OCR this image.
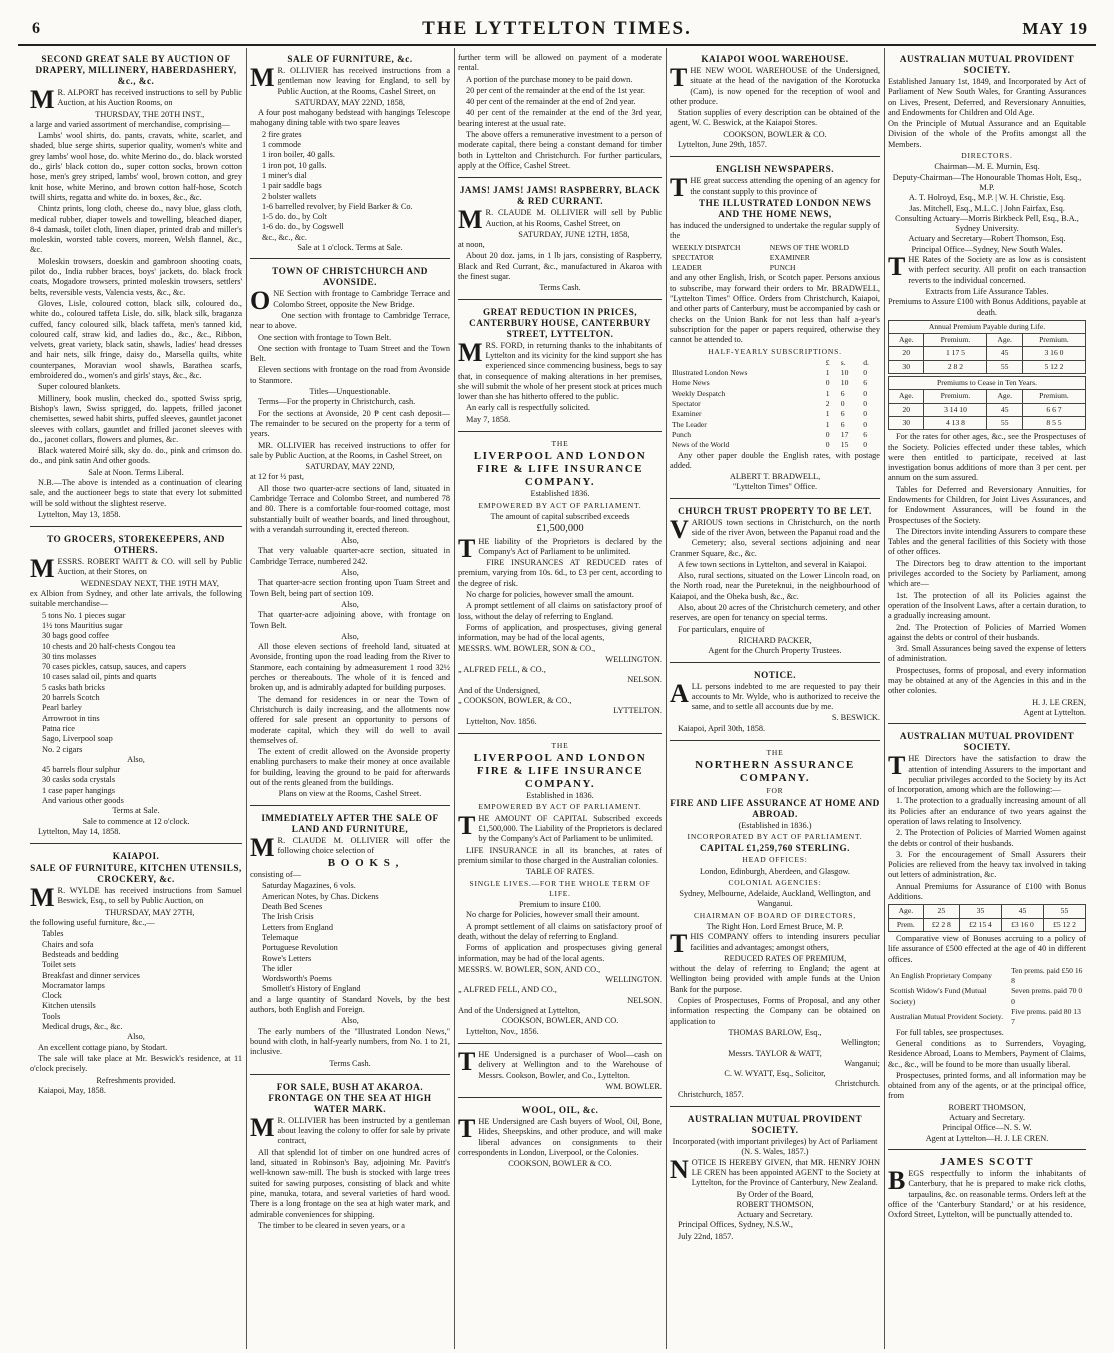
6	THE LYTTELTON TIMES.	MAY 19
SECOND GREAT SALE BY AUCTION OF DRAPERY, MILLINERY, HABERDASHERY, &c., &c.

M R. ALPORT has received instructions to sell by Public Auction, at his Auction Rooms, on

THURSDAY, THE 20TH INST.,

a large and varied assortment of merchandise, comprising—

Lambs' wool shirts, do. pants, cravats, white, scarlet, and shaded, blue serge shirts, superior quality, women's white and grey lambs' wool hose, do. white Merino do., do. black worsted do., girls' black cotton do., super cotton socks, brown cotton hose, men's grey striped, lambs' wool, brown cotton, and grey knit hose, white Merino, and brown cotton half-hose, Scotch twill shirts, regatta and white do. in boxes, &c., &c.

Chintz prints, long cloth, cheese do., navy blue, glass cloth, medical rubber, diaper towels and towelling, bleached diaper, 8-4 damask, toilet cloth, linen diaper, printed drab and miller's moleskin, worsted table covers, moreen, Welsh flannel, &c., &c.

Moleskin trowsers, doeskin and gambroon shooting coats, pilot do., India rubber braces, boys' jackets, do. black frock coats, Mogadore trowsers, printed moleskin trowsers, settlers' belts, reversible vests, Valencia vests, &c., &c.

Gloves, Lisle, coloured cotton, black silk, coloured do., white do., coloured taffeta Lisle, do. silk, black silk, braganza cuffed, fancy coloured silk, black taffeta, men's tanned kid, coloured calf, straw kid, and ladies do., &c., &c., Ribbon, velvets, great variety, black satin, shawls, ladies' head dresses and hair nets, silk fringe, daisy do., Marsella quilts, white counterpanes, Moravian wool shawls, Barathea scarfs, embroidered do., women's and girls' stays, &c., &c.

Super coloured blankets.

Millinery, book muslin, checked do., spotted Swiss sprig, Bishop's lawn, Swiss sprigged, do. lappets, frilled jaconet chemisettes, sewed habit shirts, puffed sleeves, gauntlet jaconet sleeves with collars, gauntlet and frilled jaconet sleeves with do., jaconet collars, flowers and plumes, &c.

Black watered Moiré silk, sky do. do., pink and crimson do. do., and pink satin And other goods.

Sale at Noon. Terms Liberal.

N.B.—The above is intended as a continuation of clearing sale, and the auctioneer begs to state that every lot submitted will be sold without the slightest reserve.

Lyttelton, May 13, 1858.

TO GROCERS, STOREKEEPERS, AND OTHERS.

MESSRS. ROBERT WAITT & CO. will sell by Public Auction, at their Stores, on

WEDNESDAY NEXT, THE 19TH MAY,

ex Albion from Sydney, and other late arrivals, the following suitable merchandise—

5 tons No. 1 pieces sugar
1½ tons Mauritius sugar
30 bags good coffee
10 chests and 20 half-chests Congou tea
30 tins molasses
70 cases pickles, catsup, sauces, and capers
10 cases salad oil, pints and quarts
5 casks bath bricks
20 barrels Scotch
Pearl barley
Arrowroot in tins
Patna rice
Sago, Liverpool soap
No. 2 cigars
Also,
45 barrels flour sulphur
30 casks soda crystals
1 case paper hangings
And various other goods
Terms at Sale.
Sale to commence at 12 o'clock.

Lyttelton, May 14, 1858.

KAIAPOI.
SALE OF FURNITURE, KITCHEN UTENSILS, CROCKERY, &c.

M R. WYLDE has received instructions from Samuel Beswick, Esq., to sell by Public Auction, on

THURSDAY, MAY 27TH,

the following useful furniture, &c.,—

Tables
Chairs and sofa
Bedsteads and bedding
Toilet sets
Breakfast and dinner services
Mocramator lamps
Clock
Kitchen utensils
Tools
Medical drugs, &c., &c.
Also,

An excellent cottage piano, by Stodart.

The sale will take place at Mr. Beswick's residence, at 11 o'clock precisely.

Refreshments provided.

Kaiapoi, May, 1858.

SALE OF FURNITURE, &c.

M R. OLLIVIER has received instructions from a gentleman now leaving for England, to sell by Public Auction, at the Rooms, Cashel Street, on

SATURDAY, MAY 22ND, 1858,

A four post mahogany bedstead with hangings Telescope mahogany dining table with two spare leaves

2 fire grates
1 commode
1 iron boiler, 40 galls.
1 iron pot, 10 galls.
1 miner's dial
1 pair saddle bags
2 bolster wallets
1-6 barrelled revolver, by Field Barker & Co.
1-5 do. do., by Colt
1-6 do. do., by Cogswell
&c., &c., &c.
Sale at 1 o'clock. Terms at Sale.
TOWN OF CHRISTCHURCH AND AVONSIDE.

ONE Section with frontage to Cambridge Terrace and Colombo Street, opposite the New Bridge.

One section with frontage to Cambridge Terrace, near to above.

One section with frontage to Town Belt.

One section with frontage to Tuam Street and the Town Belt.

Eleven sections with frontage on the road from Avonside to Stanmore.

Titles—Unquestionable.

Terms—For the property in Christchurch, cash.

For the sections at Avonside, 20 ₱ cent cash deposit—The remainder to be secured on the property for a term of years.

MR. OLLIVIER has received instructions to offer for sale by Public Auction, at the Rooms, in Cashel Street, on

SATURDAY, MAY 22ND,

at 12 for ½ past,

All those two quarter-acre sections of land, situated in Cambridge Terrace and Colombo Street, and numbered 78 and 80. There is a comfortable four-roomed cottage, most substantially built of weather boards, and lined throughout, with a verandah surrounding it, erected thereon.

Also,

That very valuable quarter-acre section, situated in Cambridge Terrace, numbered 242.

Also,

That quarter-acre section fronting upon Tuam Street and Town Belt, being part of section 109.

Also,

That quarter-acre adjoining above, with frontage on Town Belt.

Also,

All those eleven sections of freehold land, situated at Avonside, fronting upon the road leading from the River to Stanmore, each containing by admeasurement 1 rood 32½ perches or thereabouts. The whole of it is fenced and broken up, and is admirably adapted for building purposes.

The demand for residences in or near the Town of Christchurch is daily increasing, and the allotments now offered for sale present an opportunity to persons of moderate capital, which they will do well to avail themselves of.

The extent of credit allowed on the Avonside property enabling purchasers to make their money at once available for building, leaving the ground to be paid for afterwards out of the rents gleaned from the buildings.

Plans on view at the Rooms, Cashel Street.
IMMEDIATELY AFTER THE SALE OF LAND AND FURNITURE,

M R. CLAUDE M. OLLIVIER will offer the following choice selection of

B O O K S ,

consisting of—

Saturday Magazines, 6 vols.
American Notes, by Chas. Dickens
Death Bed Scenes
The Irish Crisis
Letters from England
Telemaque
Portuguese Revolution
Rowe's Letters
The idler
Wordsworth's Poems
Smollett's History of England

and a large quantity of Standard Novels, by the best authors, both English and Foreign.

Also,

The early numbers of the "Illustrated London News," bound with cloth, in half-yearly numbers, from No. 1 to 21, inclusive.

Terms Cash.
FOR SALE, BUSH AT AKAROA. FRONTAGE ON THE SEA AT HIGH WATER MARK.

M R. OLLIVIER has been instructed by a gentleman about leaving the colony to offer for sale by private contract,

All that splendid lot of timber on one hundred acres of land, situated in Robinson's Bay, adjoining Mr. Pavitt's well-known saw-mill. The bush is stocked with large trees suited for sawing purposes, consisting of black and white pine, manuka, totara, and several varieties of hard wood. There is a long frontage on the sea at high water mark, and admirable conveniences for shipping.

The timber to be cleared in seven years, or a

further term will be allowed on payment of a moderate rental.

A portion of the purchase money to be paid down.

20 per cent of the remainder at the end of the 1st year.

40 per cent of the remainder at the end of 2nd year.

40 per cent of the remainder at the end of the 3rd year, bearing interest at the usual rate.

The above offers a remunerative investment to a person of moderate capital, there being a constant demand for timber both in Lyttelton and Christchurch. For further particulars, apply at the Office, Cashel Street.

JAMS! JAMS! JAMS! RASPBERRY, BLACK & RED CURRANT.

M R. CLAUDE M. OLLIVIER will sell by Public Auction, at his Rooms, Cashel Street, on

SATURDAY, JUNE 12TH, 1858,

at noon,

About 20 doz. jams, in 1 lb jars, consisting of Raspberry, Black and Red Currant, &c., manufactured in Akaroa with the finest sugar.

Terms Cash.
GREAT REDUCTION IN PRICES, CANTERBURY HOUSE, CANTERBURY STREET, LYTTELTON.

MRS. FORD, in returning thanks to the inhabitants of Lyttelton and its vicinity for the kind support she has experienced since commencing business, begs to say that, in consequence of making alterations in her premises, she will submit the whole of her present stock at prices much lower than she has hitherto offered to the public.

An early call is respectfully solicited.

May 7, 1858.

THE
LIVERPOOL AND LONDON FIRE & LIFE INSURANCE COMPANY.
Established 1836.
EMPOWERED BY ACT OF PARLIAMENT.
The amount of capital subscribed exceeds
£1,500,000

THE liability of the Proprietors is declared by the Company's Act of Parliament to be unlimited.

FIRE INSURANCES AT REDUCED rates of premium, varying from 10s. 6d., to £3 per cent, according to the degree of risk.

No charge for policies, however small the amount.

A prompt settlement of all claims on satisfactory proof of loss, without the delay of referring to England.

Forms of application, and prospectuses, giving general information, may be had of the local agents,

MESSRS. WM. BOWLER, SON & CO.,
WELLINGTON.
„ ALFRED FELL, & CO.,
NELSON.
And of the Undersigned,
„ COOKSON, BOWLER, & CO.,
LYTTELTON.

Lyttelton, Nov. 1856.

THE
LIVERPOOL AND LONDON FIRE & LIFE INSURANCE COMPANY.
Established in 1836.
EMPOWERED BY ACT OF PARLIAMENT.

THE AMOUNT OF CAPITAL Subscribed exceeds £1,500,000. The Liability of the Proprietors is declared by the Company's Act of Parliament to be unlimited.

LIFE INSURANCE in all its branches, at rates of premium similar to those charged in the Australian colonies.

TABLE OF RATES.
SINGLE LIVES.—FOR THE WHOLE TERM OF LIFE.
Premium to insure £100.

No charge for Policies, however small their amount.

A prompt settlement of all claims on satisfactory proof of death, without the delay of referring to England.

Forms of application and prospectuses giving general information, may be had of the local agents.

MESSRS. W. BOWLER, SON, AND CO.,
WELLINGTON.
„ ALFRED FELL, AND CO.,
NELSON.
And of the Undersigned at Lyttelton,
COOKSON, BOWLER, AND CO.

Lyttelton, Nov., 1856.

THE Undersigned is a purchaser of Wool—cash on delivery at Wellington and to the Warehouse of Messrs. Cookson, Bowler, and Co., Lyttelton.

WM. BOWLER.
WOOL, OIL, &c.

THE Undersigned are Cash buyers of Wool, Oil, Bone, Hides, Sheepskins, and other produce, and will make liberal advances on consignments to their correspondents in London, Liverpool, or the Colonies.

COOKSON, BOWLER & CO.
KAIAPOI WOOL WAREHOUSE.

THE NEW WOOL WAREHOUSE of the Undersigned, situate at the head of the navigation of the Korotucka (Cam), is now opened for the reception of wool and other produce.

Station supplies of every description can be obtained of the agent, W. C. Beswick, at the Kaiapoi Stores.

COOKSON, BOWLER & CO.

Lyttelton, June 29th, 1857.

ENGLISH NEWSPAPERS.

THE great success attending the opening of an agency for the constant supply to this province of

THE ILLUSTRATED LONDON NEWS AND THE HOME NEWS,

has induced the undersigned to undertake the regular supply of the

WEEKLY DISPATCH	NEWS OF THE WORLD
SPECTATOR	EXAMINER
LEADER	PUNCH

and any other English, Irish, or Scotch paper. Persons anxious to subscribe, may forward their orders to Mr. BRADWELL, "Lyttelton Times" Office. Orders from Christchurch, Kaiapoi, and other parts of Canterbury, must be accompanied by cash or checks on the Union Bank for not less than half a-year's subscription for the paper or papers required, otherwise they cannot be attended to.

HALF-YEARLY SUBSCRIPTIONS.
	£	s.	d.
Illustrated London News	1	10	0
Home News	0	10	6
Weekly Despatch	1	6	0
Spectator	2	0	0
Examiner	1	6	0
The Leader	1	6	0
Punch	0	17	6
News of the World	0	15	0

Any other paper double the English rates, with postage added.

ALBERT T. BRADWELL,
"Lyttelton Times" Office.
CHURCH TRUST PROPERTY TO BE LET.

VARIOUS town sections in Christchurch, on the north side of the river Avon, between the Papanui road and the Cemetery; also, several sections adjoining and near Cranmer Square, &c., &c.

A few town sections in Lyttelton, and several in Kaiapoi.

Also, rural sections, situated on the Lower Lincoln road, on the North road, near the Pureteknui, in the neighbourhood of Kaiapoi, and the Oheka bush, &c., &c.

Also, about 20 acres of the Christchurch cemetery, and other reserves, are open for tenancy on special terms.

For particulars, enquire of

RICHARD PACKER,
Agent for the Church Property Trustees.
NOTICE.

ALL persons indebted to me are requested to pay their accounts to Mr. Wylde, who is authorized to receive the same, and to settle all accounts due by me.

S. BESWICK.

Kaiapoi, April 30th, 1858.

THE
NORTHERN ASSURANCE COMPANY.
FOR
FIRE AND LIFE ASSURANCE AT HOME AND ABROAD.
(Established in 1836.)
INCORPORATED BY ACT OF PARLIAMENT.
CAPITAL £1,259,760 STERLING.
HEAD OFFICES:
London, Edinburgh, Aberdeen, and Glasgow.
COLONIAL AGENCIES:
Sydney, Melbourne, Adelaide, Auckland, Wellington, and Wanganui.
CHAIRMAN OF BOARD OF DIRECTORS,
The Right Hon. Lord Ernest Bruce, M. P.

THIS COMPANY offers to intending insurers peculiar facilities and advantages; amongst others,

REDUCED RATES OF PREMIUM,

without the delay of referring to England; the agent at Wellington being provided with ample funds at the Union Bank for the purpose.

Copies of Prospectuses, Forms of Proposal, and any other information respecting the Company can be obtained on application to

THOMAS BARLOW, Esq.,
Wellington;
Messrs. TAYLOR & WATT,
Wanganui;
C. W. WYATT, Esq., Solicitor,
Christchurch.

Christchurch, 1857.

AUSTRALIAN MUTUAL PROVIDENT SOCIETY.
Incorporated (with important privileges) by Act of Parliament (N. S. Wales, 1857.)

NOTICE IS HEREBY GIVEN, that MR. HENRY JOHN LE CREN has been appointed AGENT to the Society at Lyttelton, for the Province of Canterbury, New Zealand.

By Order of the Board,
ROBERT THOMSON,
Actuary and Secretary.

Principal Offices, Sydney, N.S.W.,

July 22nd, 1857.

AUSTRALIAN MUTUAL PROVIDENT SOCIETY.

Established January 1st, 1849, and Incorporated by Act of Parliament of New South Wales, for Granting Assurances on Lives, Present, Deferred, and Reversionary Annuities, and Endowments for Children and Old Age.

On the Principle of Mutual Assurance and an Equitable Division of the whole of the Profits amongst all the Members.

DIRECTORS.
Chairman—M. E. Murnin, Esq.
Deputy-Chairman—The Honourable Thomas Holt, Esq., M.P.
A. T. Holroyd, Esq., M.P. | W. H. Christie, Esq.
Jas. Mitchell, Esq., M.L.C. | John Fairfax, Esq.
Consulting Actuary—Morris Birkbeck Pell, Esq., B.A., Sydney University.
Actuary and Secretary—Robert Thomson, Esq.
Principal Office—Sydney, New South Wales.

THE Rates of the Society are as low as is consistent with perfect security. All profit on each transaction reverts to the individual concerned.

Extracts from Life Assurance Tables.
Premiums to Assure £100 with Bonus Additions, payable at death.
Annual Premium Payable during Life.			
Age.	Premium.	Age.	Premium.
20	1 17 5	45	3 16 0
30	2 8 2	55	5 12 2
Premiums to Cease in Ten Years.			
Age.	Premium.	Age.	Premium.
20	3 14 10	45	6 6 7
30	4 13 8	55	8 5 5

For the rates for other ages, &c., see the Prospectuses of the Society. Policies effected under these tables, which were then entitled to participate, received at last investigation bonus additions of more than 3 per cent. per annum on the sum assured.

Tables for Deferred and Reversionary Annuities, for Endowments for Children, for Joint Lives Assurances, and for Endowment Assurances, will be found in the Prospectuses of the Society.

The Directors invite intending Assurers to compare these Tables and the general facilities of this Society with those of other offices.

The Directors beg to draw attention to the important privileges accorded to the Society by Parliament, among which are—

1st. The protection of all its Policies against the operation of the Insolvent Laws, after a certain duration, to a gradually increasing amount.

2nd. The Protection of Policies of Married Women against the debts or control of their husbands.

3rd. Small Assurances being saved the expense of letters of administration.

Prospectuses, forms of proposal, and every information may be obtained at any of the Agencies in this and in the other colonies.

H. J. LE CREN,
Agent at Lyttelton.
AUSTRALIAN MUTUAL PROVIDENT SOCIETY.

THE Directors have the satisfaction to draw the attention of intending Assurers to the important and peculiar privileges accorded to the Society by its Act of Incorporation, among which are the following:—

1. The protection to a gradually increasing amount of all its Policies after an endurance of two years against the operation of laws relating to Insolvency.

2. The Protection of Policies of Married Women against the debts or control of their husbands.

3. For the encouragement of Small Assurers their Policies are relieved from the heavy tax involved in taking out letters of administration, &c.

Annual Premiums for Assurance of £100 with Bonus Additions.

Age.	25	35	45	55
Prem.	£2 2 8	£2 15 4	£3 16 0	£5 12 2

Comparative view of Bonuses accruing to a policy of life assurance of £500 effected at the age of 40 in different offices.

An English Proprietary Company	Ten prems. paid £50 16 8
Scottish Widow's Fund (Mutual Society)	Seven prems. paid 70 0 0
Australian Mutual Provident Society.	Five prems. paid 80 13 7

For full tables, see prospectuses.

General conditions as to Surrenders, Voyaging, Residence Abroad, Loans to Members, Payment of Claims, &c., &c., will be found to be more than usually liberal.

Prospectuses, printed forms, and all information may be obtained from any of the agents, or at the principal office, from

ROBERT THOMSON,
Actuary and Secretary.
Principal Office—N. S. W.
Agent at Lyttelton—H. J. LE CREN.
JAMES SCOTT

BEGS respectfully to inform the inhabitants of Canterbury, that he is prepared to make rick cloths, tarpaulins, &c. on reasonable terms. Orders left at the office of the 'Canterbury Standard,' or at his residence, Oxford Street, Lyttelton, will be punctually attended to.
